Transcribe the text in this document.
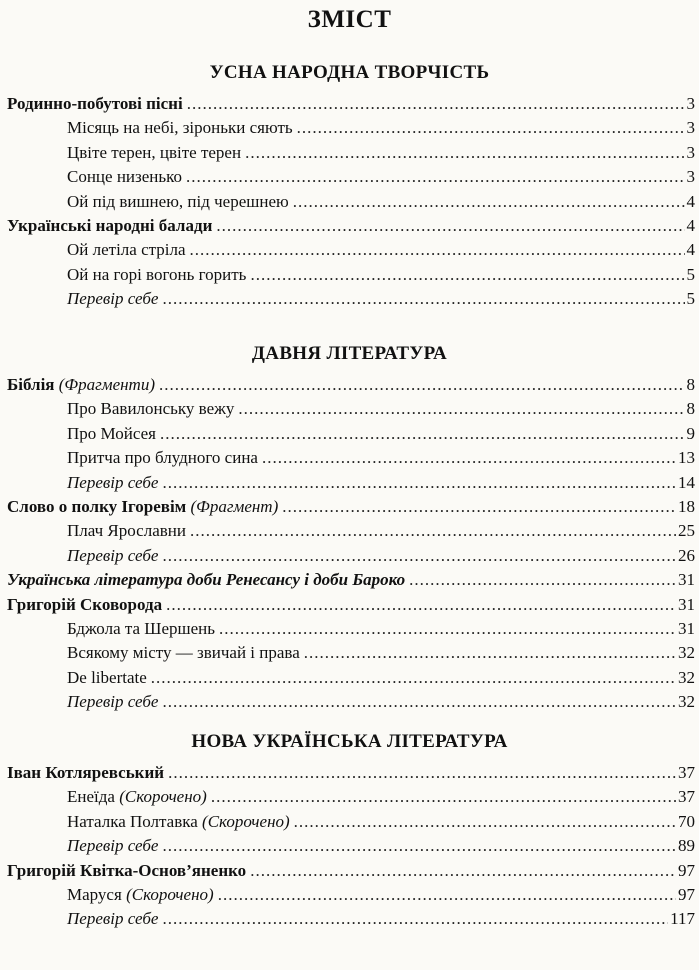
ЗМІСТ
УСНА НАРОДНА ТВОРЧІСТЬ
Родинно-побутові пісні .....	3
Місяць на небі, зіроньки сяють .....	3
Цвіте терен, цвіте терен .....	3
Сонце низенько .....	3
Ой під вишнею, під черешнею .....	4
Українські народні балади .....	4
Ой летіла стріла .....	4
Ой на горі вогонь горить .....	5
Перевір себе .....	5
ДАВНЯ ЛІТЕРАТУРА
Біблія (Фрагменти) .....	8
Про Вавилонську вежу .....	8
Про Мойсея .....	9
Притча про блудного сина .....	13
Перевір себе .....	14
Слово о полку Ігоревім (Фрагмент) .....	18
Плач Ярославни .....	25
Перевір себе .....	26
Українська література доби Ренесансу і доби Бароко .....	31
Григорій Сковорода .....	31
Бджола та Шершень .....	31
Всякому місту — звичай і права .....	32
De libertate .....	32
Перевір себе .....	32
НОВА УКРАЇНСЬКА ЛІТЕРАТУРА
Іван Котляревський .....	37
Енеїда (Скорочено) .....	37
Наталка Полтавка (Скорочено) .....	70
Перевір себе .....	89
Григорій Квітка-Основ’яненко .....	97
Маруся (Скорочено) .....	97
Перевір себе .....	117
